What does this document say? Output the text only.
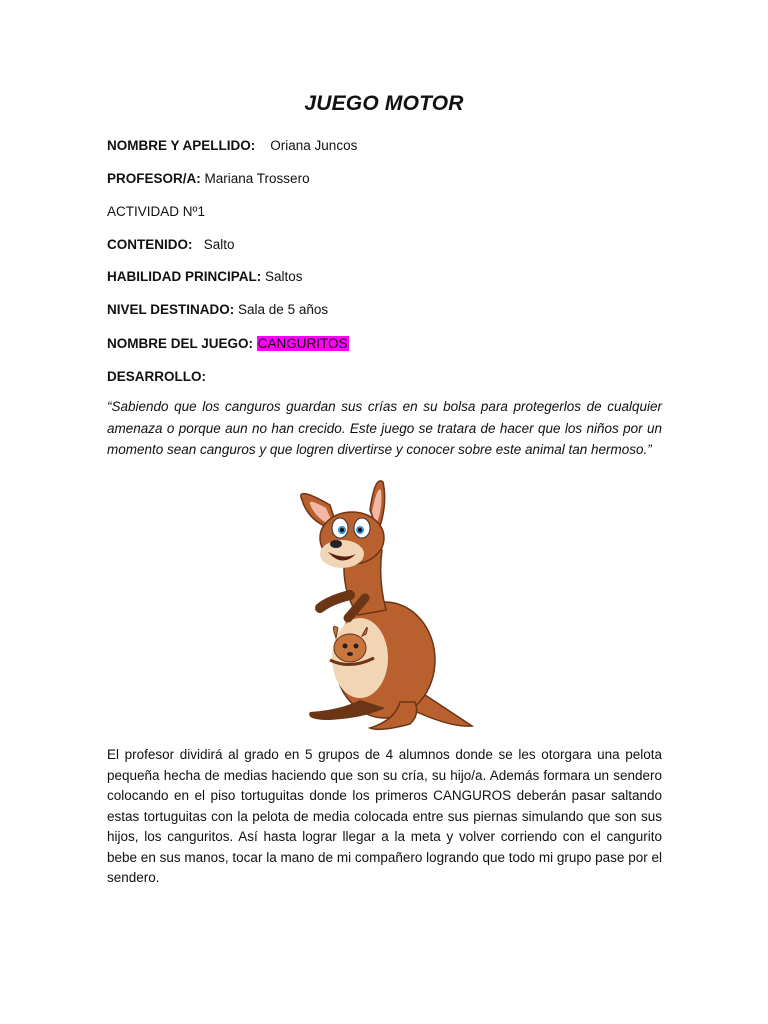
JUEGO MOTOR
NOMBRE Y APELLIDO: Oriana Juncos
PROFESOR/A: Mariana Trossero
ACTIVIDAD Nº1
CONTENIDO: Salto
HABILIDAD PRINCIPAL: Saltos
NIVEL DESTINADO: Sala de 5 años
NOMBRE DEL JUEGO: CANGURITOS
DESARROLLO:
“Sabiendo que los canguros guardan sus crías en su bolsa para protegerlos de cualquier amenaza o porque aun no han crecido. Este juego se tratara de hacer que los niños por un momento sean canguros y que logren divertirse y conocer sobre este animal tan hermoso.”
El profesor dividirá al grado en 5 grupos de 4 alumnos donde se les otorgara una pelota pequeña hecha de medias haciendo que son su cría, su hijo/a. Además formara un sendero colocando en el piso tortuguitas donde los primeros CANGUROS deberán pasar saltando estas tortuguitas con la pelota de media colocada entre sus piernas simulando que son sus hijos, los canguritos. Así hasta lograr llegar a la meta y volver corriendo con el cangurito bebe en sus manos, tocar la mano de mi compañero logrando que todo mi grupo pase por el sendero.
